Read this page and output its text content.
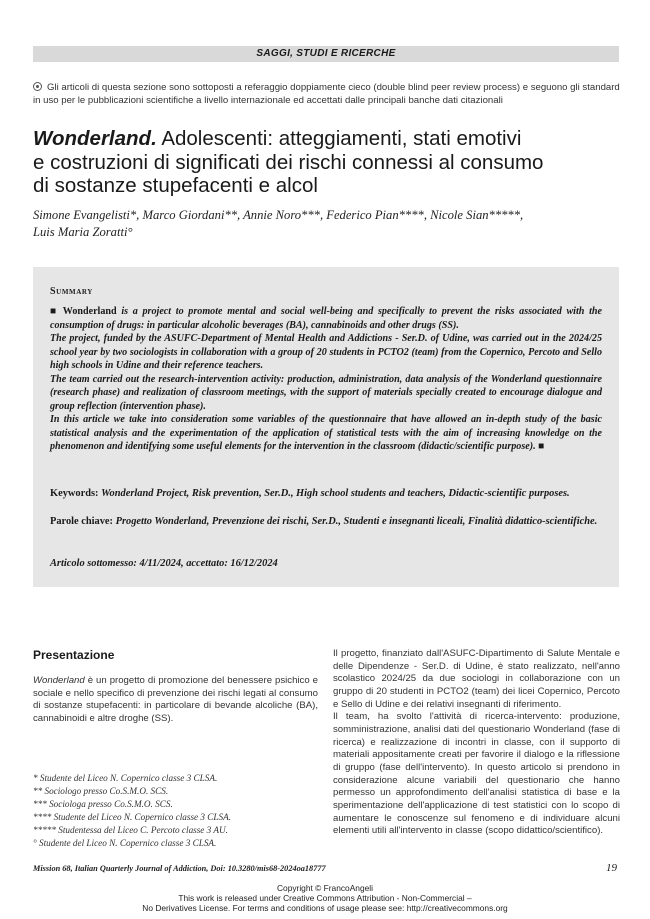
SAGGI, STUDI E RICERCHE
Gli articoli di questa sezione sono sottoposti a referaggio doppiamente cieco (double blind peer review process) e seguono gli standard in uso per le pubblicazioni scientifiche a livello internazionale ed accettati dalle principali banche dati citazionali
Wonderland. Adolescenti: atteggiamenti, stati emotivi
e costruzioni di significati dei rischi connessi al consumo
di sostanze stupefacenti e alcol
Simone Evangelisti*, Marco Giordani**, Annie Noro***, Federico Pian****, Nicole Sian*****,
Luis Maria Zoratti°
Summary

■ Wonderland is a project to promote mental and social well-being and specifically to prevent the risks associated with the consumption of drugs: in particular alcoholic beverages (BA), cannabinoids and other drugs (SS).

The project, funded by the ASUFC-Department of Mental Health and Addictions - Ser.D. of Udine, was carried out in the 2024/25 school year by two sociologists in collaboration with a group of 20 students in PCTO2 (team) from the Copernico, Percoto and Sello high schools in Udine and their reference teachers.

The team carried out the research-intervention activity: production, administration, data analysis of the Wonderland questionnaire (research phase) and realization of classroom meetings, with the support of materials specially created to encourage dialogue and group reflection (intervention phase).

In this article we take into consideration some variables of the questionnaire that have allowed an in-depth study of the basic statistical analysis and the experimentation of the application of statistical tests with the aim of increasing knowledge on the phenomenon and identifying some useful elements for the intervention in the classroom (didactic/scientific purpose). ■

Keywords: Wonderland Project, Risk prevention, Ser.D., High school students and teachers, Didactic-scientific purposes.
Parole chiave: Progetto Wonderland, Prevenzione dei rischi, Ser.D., Studenti e insegnanti liceali, Finalità didattico-scientifiche.
Articolo sottomesso: 4/11/2024, accettato: 16/12/2024
Presentazione
Wonderland è un progetto di promozione del benessere psichico e sociale e nello specifico di prevenzione dei rischi legati al consumo di sostanze stupefacenti: in particolare di bevande alcoliche (BA), cannabinoidi e altre droghe (SS).
* Studente del Liceo N. Copernico classe 3 CLSA.
** Sociologo presso Co.S.M.O. SCS.
*** Sociologa presso Co.S.M.O. SCS.
**** Studente del Liceo N. Copernico classe 3 CLSA.
***** Studentessa del Liceo C. Percoto classe 3 AU.
° Studente del Liceo N. Copernico classe 3 CLSA.

Il progetto, finanziato dall'ASUFC-Dipartimento di Salute Mentale e delle Dipendenze - Ser.D. di Udine, è stato realizzato, nell'anno scolastico 2024/25 da due sociologi in collaborazione con un gruppo di 20 studenti in PCTO2 (team) dei licei Copernico, Percoto e Sello di Udine e dei relativi insegnanti di riferimento.

Il team, ha svolto l'attività di ricerca-intervento: produzione, somministrazione, analisi dati del questionario Wonderland (fase di ricerca) e realizzazione di incontri in classe, con il supporto di materiali appositamente creati per favorire il dialogo e la riflessione di gruppo (fase dell'intervento). In questo articolo si prendono in considerazione alcune variabili del questionario che hanno permesso un approfondimento dell'analisi statistica di base e la sperimentazione dell'applicazione di test statistici con lo scopo di aumentare le conoscenze sul fenomeno e di individuare alcuni elementi utili all'intervento in classe (scopo didattico/scientifico).

Mission 68, Italian Quarterly Journal of Addiction, Doi: 10.3280/mis68-2024oa18777	19
Copyright © FrancoAngeli
This work is released under Creative Commons Attribution - Non-Commercial –
No Derivatives License. For terms and conditions of usage please see: http://creativecommons.org
